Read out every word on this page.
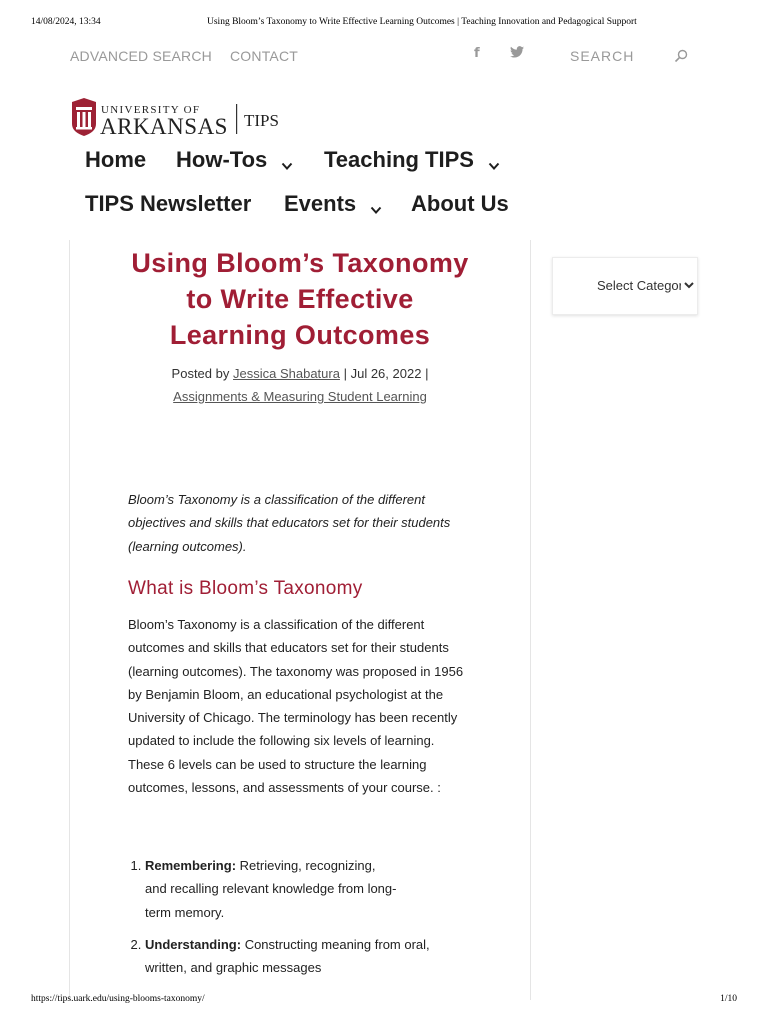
14/08/2024, 13:34	Using Bloom’s Taxonomy to Write Effective Learning Outcomes | Teaching Innovation and Pedagogical Support
ADVANCED SEARCH CONTACT	f
SEARCH
UNIVERSITY OF
ARKANSAS TIPS
Home How-Tos	Teaching TIPS
TIPS Newsletter Events	About Us
Using Bloom’s Taxonomy to Write Effective Learning Outcomes
Posted by Jessica Shabatura | Jul 26, 2022 |
Assignments & Measuring Student Learning

Bloom’s Taxonomy is a classification of the different objectives and skills that educators set for their students (learning outcomes).

What is Bloom’s Taxonomy

Bloom’s Taxonomy is a classification of the different outcomes and skills that educators set for their students (learning outcomes). The taxonomy was proposed in 1956 by Benjamin Bloom, an educational psychologist at the University of Chicago. The terminology has been recently updated to include the following six levels of learning. These 6 levels can be used to structure the learning outcomes, lessons, and assessments of your course. :

1. Remembering: Retrieving, recognizing, and recalling relevant knowledge from long-term memory.
2. Understanding: Constructing meaning from oral, written, and graphic messages
Select Category
https://tips.uark.edu/using-blooms-taxonomy/	1/10
